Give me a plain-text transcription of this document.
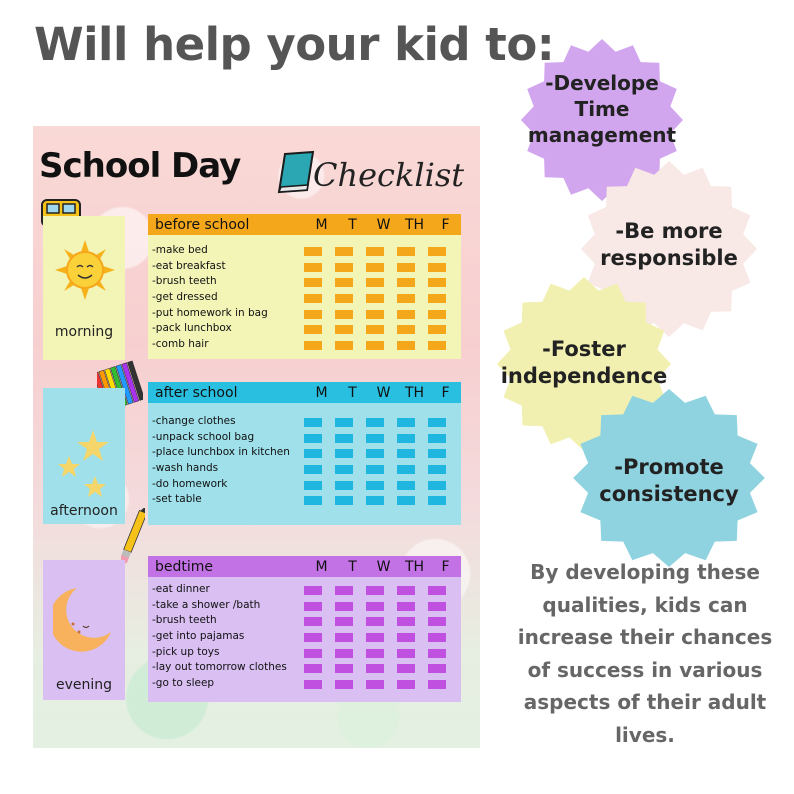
Will help your kid to:
School Day Checklist
morning
afternoon
evening
before school	M	T	W	TH	F
-make bed
-eat breakfast
-brush teeth
-get dressed
-put homework in bag
-pack lunchbox
-comb hair
after school	M	T	W	TH	F
-change clothes
-unpack school bag
-place lunchbox in kitchen
-wash hands
-do homework
-set table
bedtime	M	T	W	TH	F
-eat dinner
-take a shower /bath
-brush teeth
-get into pajamas
-pick up toys
-lay out tomorrow clothes
-go to sleep
-Develope
Time
management
-Be more
responsible
-Foster
independence
-Promote
consistency
By developing these qualities, kids can increase their chances of success in various aspects of their adult lives.
